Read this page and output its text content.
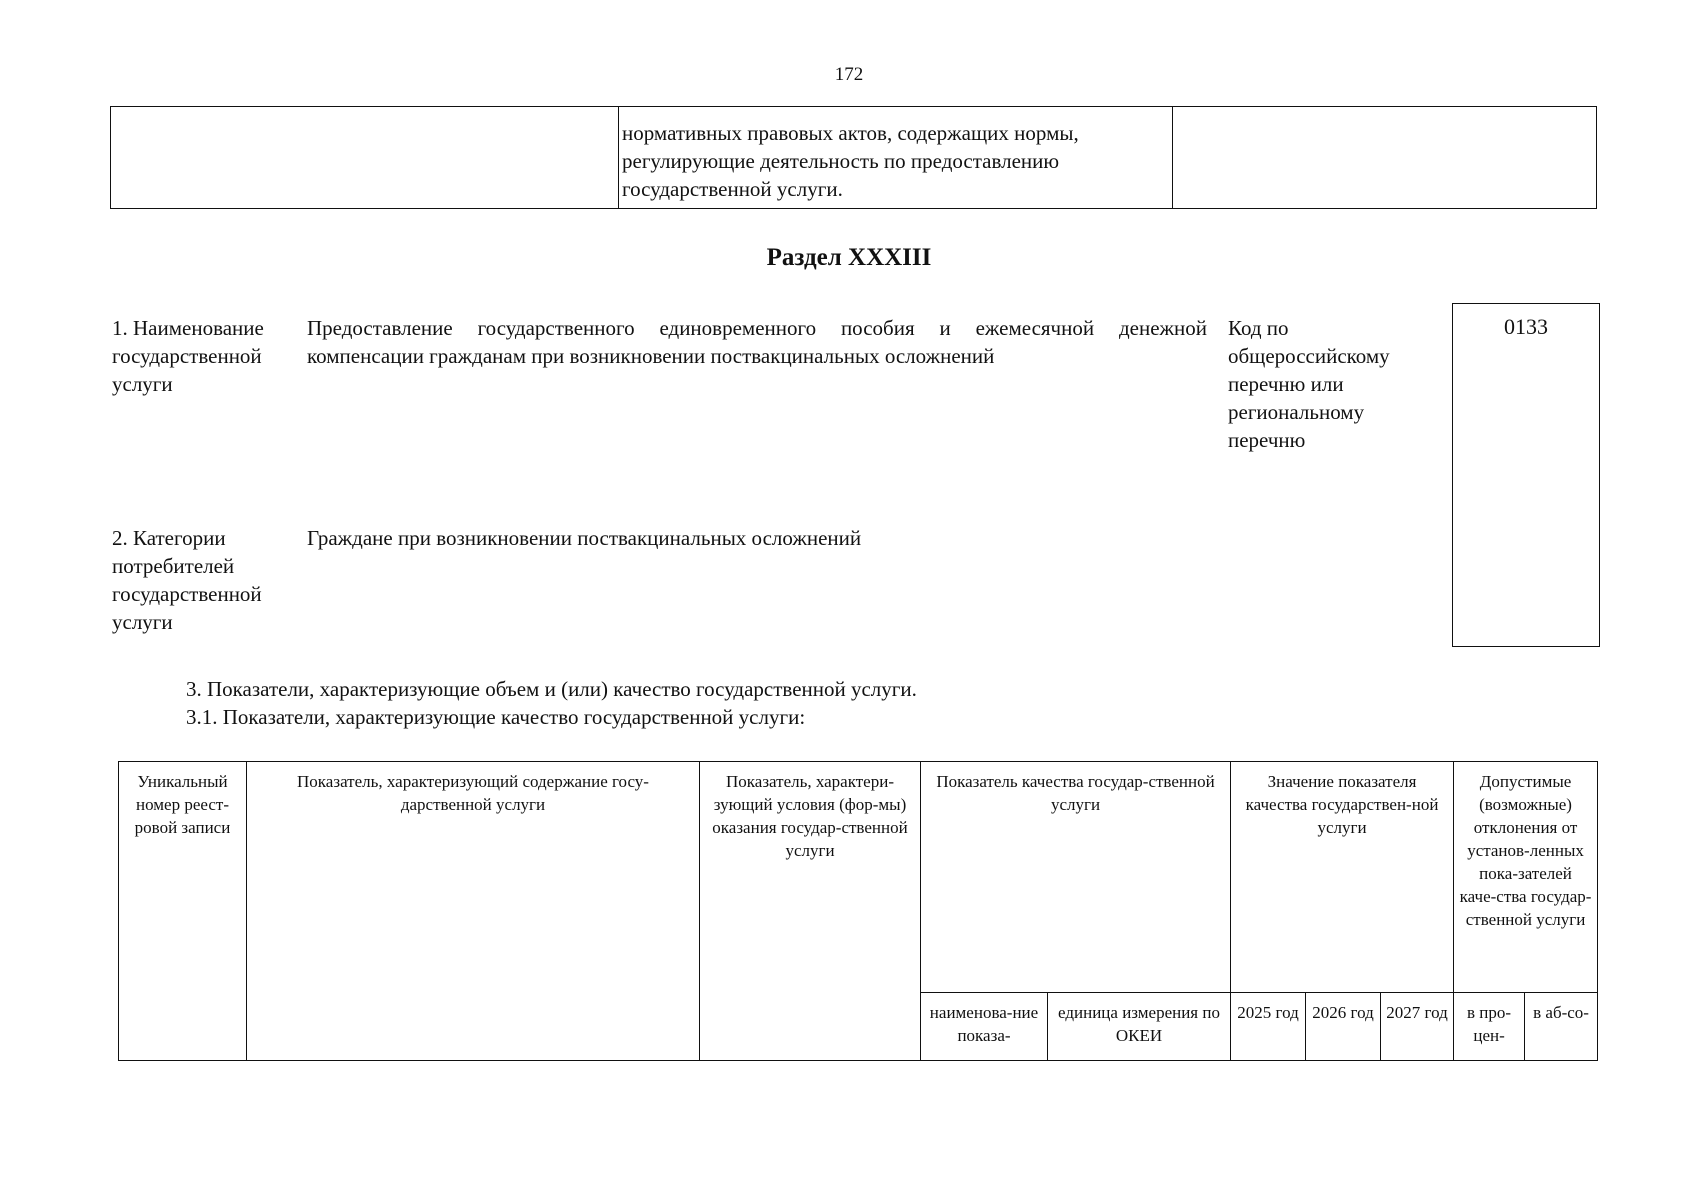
172
нормативных правовых актов, содержащих нормы,
регулирующие деятельность по предоставлению
государственной услуги.
Раздел XXXIII
1. Наименование
государственной
услуги
Предоставление государственного единовременного пособия и ежемесячной денежной компенсации гражданам при возникновении поствакцинальных осложнений
Код по
общероссийскому
перечню или
региональному
перечню
0133
2. Категории
потребителей
государственной
услуги
Граждане при возникновении поствакцинальных осложнений
3. Показатели, характеризующие объем и (или) качество государственной услуги.
3.1. Показатели, характеризующие качество государственной услуги:
Уникальный номер реест-ровой записи	Показатель, характеризующий содержание госу-дарственной услуги	Показатель, характери-зующий условия (фор-мы) оказания государ-ственной услуги	Показатель качества государ-ственной услуги		Значение показателя качества государствен-ной услуги			Допустимые (возможные) отклонения от установ-ленных пока-зателей каче-ства государ-ственной услуги	
			наименова-ние показа-	единица измерения по ОКЕИ	2025 год	2026 год	2027 год	в про-цен-	в аб-со-
